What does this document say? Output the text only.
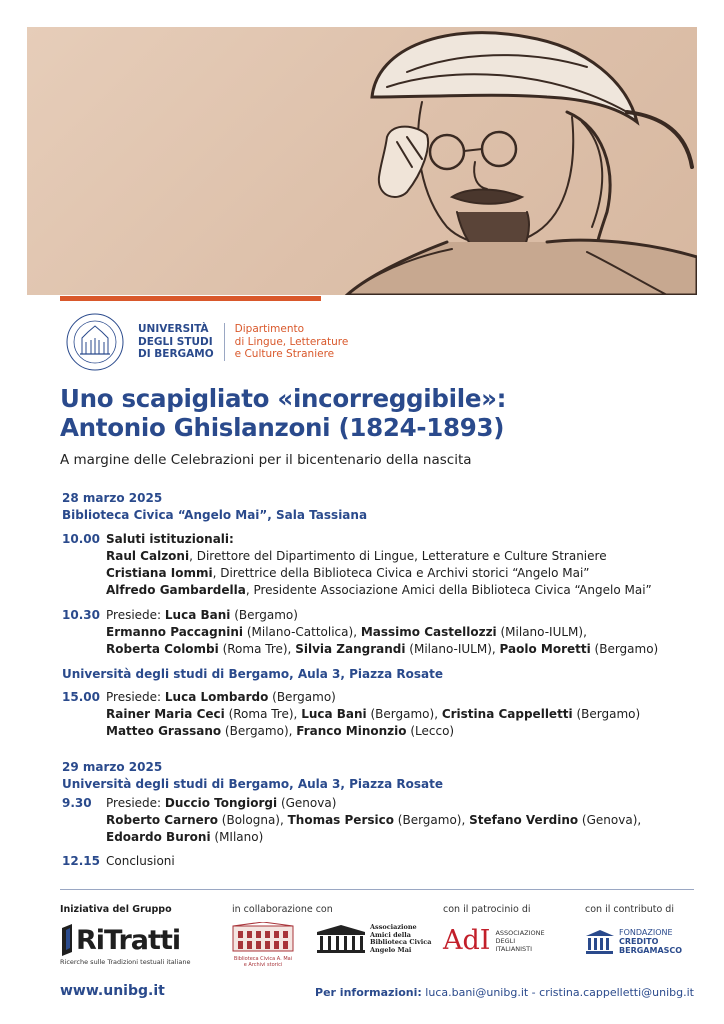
UNIVERSITÀ
DEGLI STUDI
DI BERGAMO
Dipartimento
di Lingue, Letterature
e Culture Straniere
Uno scapigliato «incorreggibile»:
Antonio Ghislanzoni (1824-1893)
A margine delle Celebrazioni per il bicentenario della nascita
28 marzo 2025
Biblioteca Civica “Angelo Mai”, Sala Tassiana
10.00 Saluti istituzionali:
Raul Calzoni, Direttore del Dipartimento di Lingue, Letterature e Culture Straniere
Cristiana Iommi, Direttrice della Biblioteca Civica e Archivi storici “Angelo Mai”
Alfredo Gambardella, Presidente Associazione Amici della Biblioteca Civica “Angelo Mai”
10.30 Presiede: Luca Bani (Bergamo)
Ermanno Paccagnini (Milano-Cattolica), Massimo Castellozzi (Milano-IULM),
Roberta Colombi (Roma Tre), Silvia Zangrandi (Milano-IULM), Paolo Moretti (Bergamo)
Università degli studi di Bergamo, Aula 3, Piazza Rosate
15.00 Presiede: Luca Lombardo (Bergamo)
Rainer Maria Ceci (Roma Tre), Luca Bani (Bergamo), Cristina Cappelletti (Bergamo)
Matteo Grassano (Bergamo), Franco Minonzio (Lecco)
29 marzo 2025
Università degli studi di Bergamo, Aula 3, Piazza Rosate
9.30 Presiede: Duccio Tongiorgi (Genova)
Roberto Carnero (Bologna), Thomas Persico (Bergamo), Stefano Verdino (Genova),
Edoardo Buroni (MIlano)
12.15 Conclusioni
Iniziativa del Gruppo	in collaborazione con	con il patrocinio di	con il contributo di
RiTratti
Ricerche sulle Tradizioni testuali italiane	Biblioteca Civica A. Mai e Archivi storici
Associazione
Amici della
Biblioteca Civica
Angelo Mai	AdI ASSOCIAZIONE
DEGLI
ITALIANISTI
FONDAZIONE
CREDITO
BERGAMASCO
www.unibg.it	Per informazioni: luca.bani@unibg.it - cristina.cappelletti@unibg.it
